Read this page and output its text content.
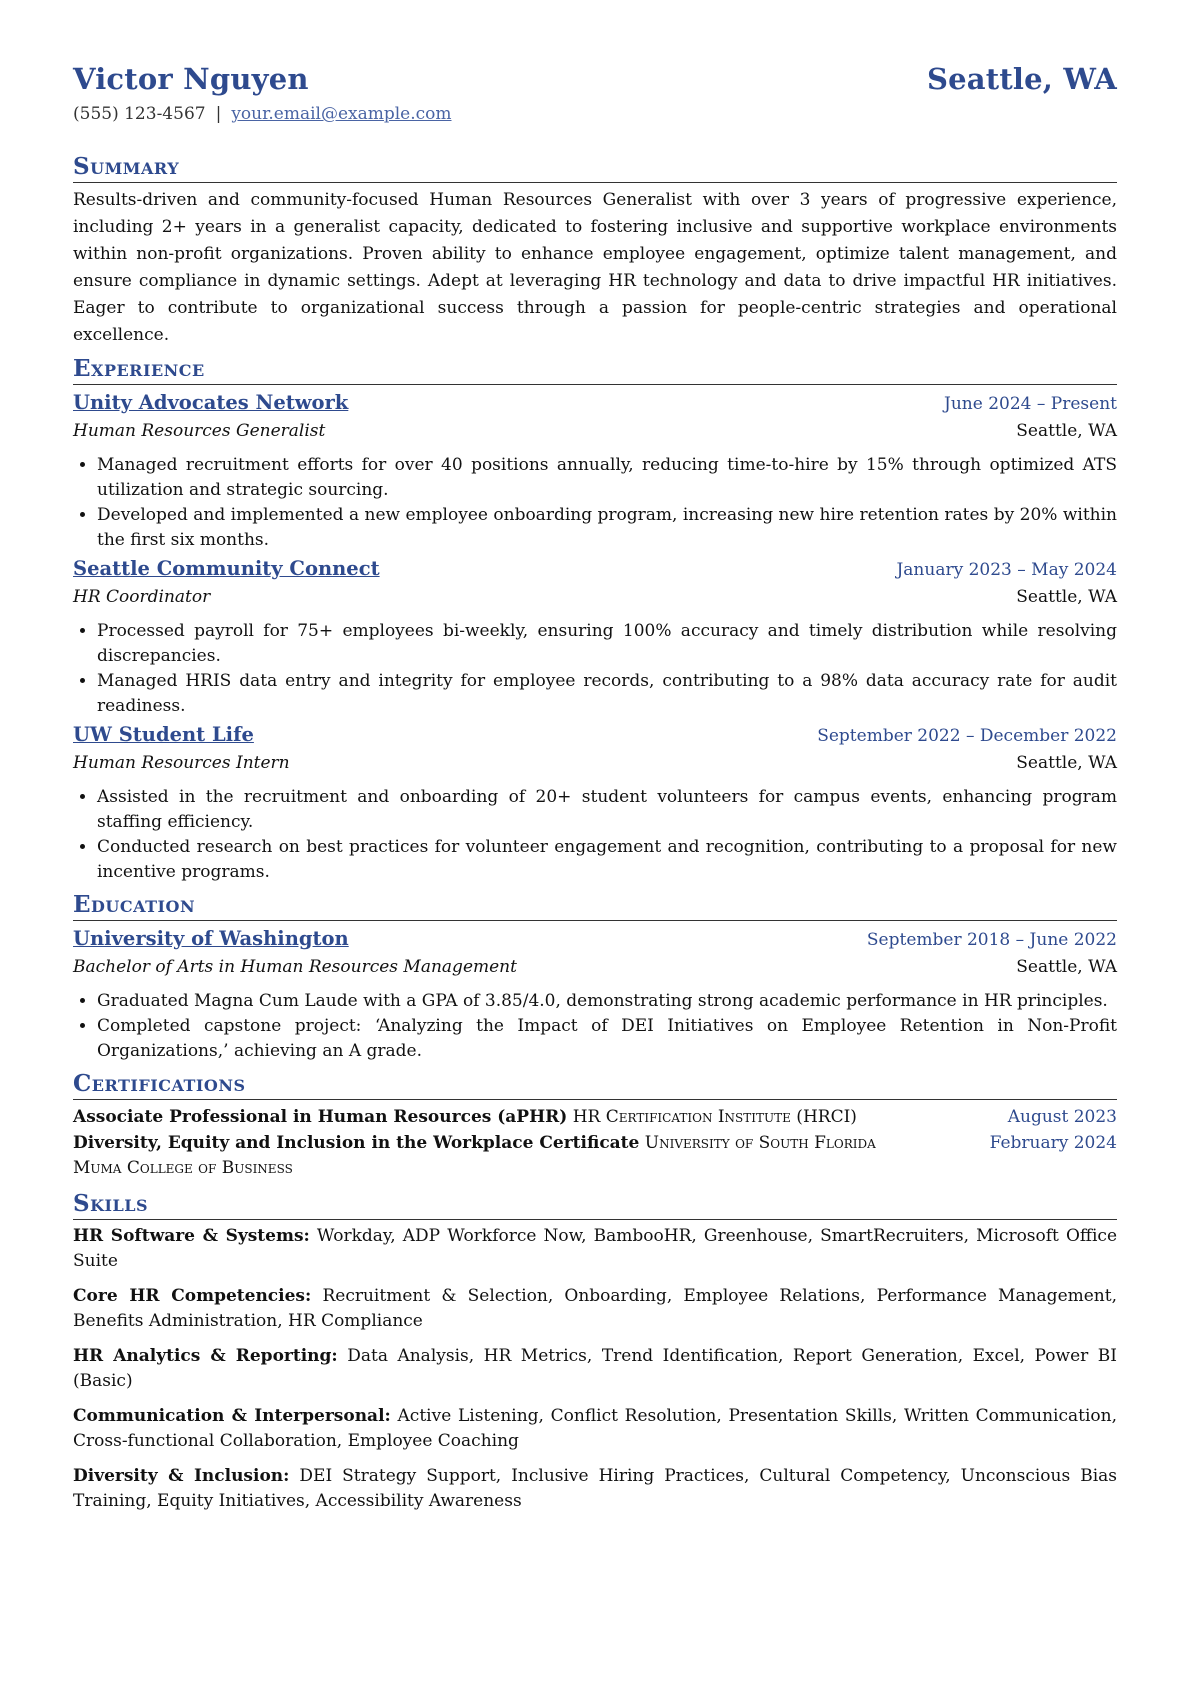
Victor Nguyen	Seattle, WA
(555) 123-4567 | your.email@example.com
Summary
Results-driven and community-focused Human Resources Generalist with over 3 years of progressive experience, including 2+ years in a generalist capacity, dedicated to fostering inclusive and supportive workplace environments within non-profit organizations. Proven ability to enhance employee engagement, optimize talent management, and ensure compliance in dynamic settings. Adept at leveraging HR technology and data to drive impactful HR initiatives. Eager to contribute to organizational success through a passion for people-centric strategies and operational excellence.
Experience
Unity Advocates Network	June 2024 – Present
Human Resources Generalist	Seattle, WA
• Managed recruitment efforts for over 40 positions annually, reducing time-to-hire by 15% through optimized ATS utilization and strategic sourcing.
• Developed and implemented a new employee onboarding program, increasing new hire retention rates by 20% within the first six months.
Seattle Community Connect	January 2023 – May 2024
HR Coordinator	Seattle, WA
• Processed payroll for 75+ employees bi-weekly, ensuring 100% accuracy and timely distribution while resolving discrepancies.
• Managed HRIS data entry and integrity for employee records, contributing to a 98% data accuracy rate for audit readiness.
UW Student Life	September 2022 – December 2022
Human Resources Intern	Seattle, WA
• Assisted in the recruitment and onboarding of 20+ student volunteers for campus events, enhancing program staffing efficiency.
• Conducted research on best practices for volunteer engagement and recognition, contributing to a proposal for new incentive programs.
Education
University of Washington	September 2018 – June 2022
Bachelor of Arts in Human Resources Management	Seattle, WA
• Graduated Magna Cum Laude with a GPA of 3.85/4.0, demonstrating strong academic performance in HR principles.
• Completed capstone project: ‘Analyzing the Impact of DEI Initiatives on Employee Retention in Non-Profit Organizations,’ achieving an A grade.
Certifications
Associate Professional in Human Resources (aPHR) HR Certification Institute (HRCI)	August 2023
Diversity, Equity and Inclusion in the Workplace Certificate University of South Florida	February 2024
Muma College of Business
Skills
HR Software & Systems: Workday, ADP Workforce Now, BambooHR, Greenhouse, SmartRecruiters, Microsoft Office Suite
Core HR Competencies: Recruitment & Selection, Onboarding, Employee Relations, Performance Management, Benefits Administration, HR Compliance
HR Analytics & Reporting: Data Analysis, HR Metrics, Trend Identification, Report Generation, Excel, Power BI (Basic)
Communication & Interpersonal: Active Listening, Conflict Resolution, Presentation Skills, Written Communication, Cross-functional Collaboration, Employee Coaching
Diversity & Inclusion: DEI Strategy Support, Inclusive Hiring Practices, Cultural Competency, Unconscious Bias Training, Equity Initiatives, Accessibility Awareness
